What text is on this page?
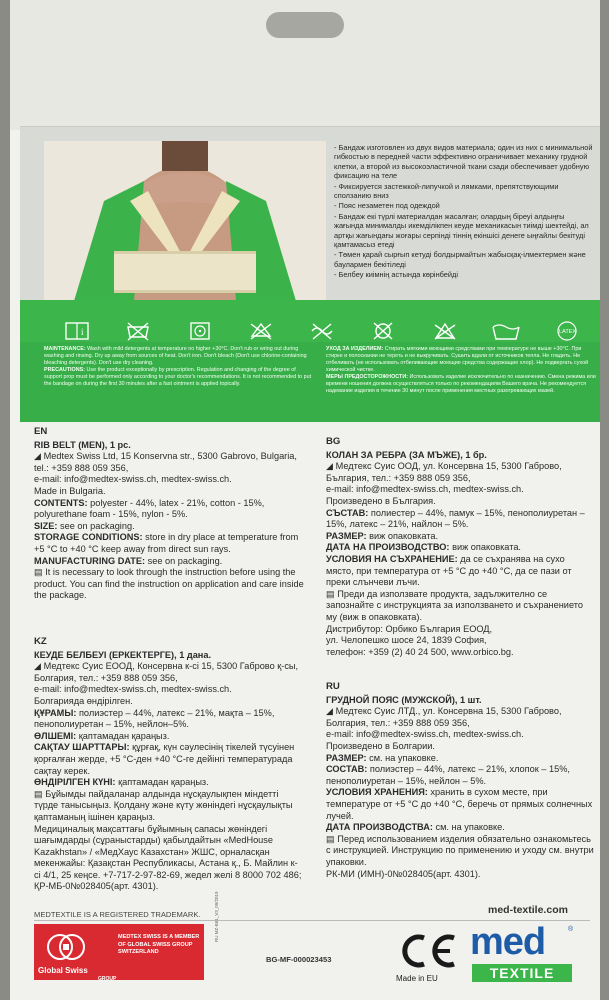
- Бандаж изготовлен из двух видов материала; один из них с минимальной гибкостью в передней части эффективно ограничивает механику грудной клетки, а второй из высокоэластичной ткани сзади обеспечивает удобную фиксацию на теле

- Фиксируется застежкой-липучкой и лямками, препятствующими сползанию вниз

- Пояс незаметен под одеждой

- Бандаж екі түрлі материалдан жасалған; олардың біреуі алдыңғы жағында минималды икемділікпен кеуде механикасын тиімді шектейді, ал артқы жағындағы жоғары серпінді тіннің екіншісі денеге ыңғайлы бекітуді қамтамасыз етеді

- Төмен қарай сырғып кетуді болдырмайтын жабысқақ-ілмектермен және баулармен бекітіледі

- Белбеу киімнің астында көрінбейді

i	LATEX

MAINTENANCE: Wash with mild detergents at temperature no higher +30°C. Don't rub or wring out during washing and rinsing. Dry up away from sources of heat. Don't iron. Don't bleach (Don't use chlorine-containing bleaching detergents). Don't use dry cleaning.

PRECAUTIONS: Use the product exceptionally by prescription. Regulation and changing of the degree of support prop must be performed only according to your doctor's recommendations. It is not recommended to put the bandage on during the first 30 minutes after a fast ointment is applied topically.

УХОД ЗА ИЗДЕЛИЕМ: Стирать мягкими моющими средствами при температуре не выше +30°C. При стирке и полоскании не тереть и не выкручивать. Сушить вдали от источников тепла. Не гладить. Не отбеливать (не использовать отбеливающие моющие средства содержащие хлор). Не подвергать сухой химической чистке.

МЕРЫ ПРЕДОСТОРОЖНОСТИ: Использовать изделие исключительно по назначению. Смена режима или времени ношения должна осуществляться только по рекомендациям Вашего врача. Не рекомендуется надевание изделия в течение 30 минут после применения местных разогревающих мазей.

EN

RIB BELT (MEN), 1 pc.

◢ Medtex Swiss Ltd, 15 Konservna str., 5300 Gabrovo, Bulgaria, tel.: +359 888 059 356,

e-mail: info@medtex-swiss.ch, medtex-swiss.ch.

Made in Bulgaria.

CONTENTS: polyester - 44%, latex - 21%, cotton - 15%, polyurethane foam - 15%, nylon - 5%.

SIZE: see on packaging.

STORAGE CONDITIONS: store in dry place at temperature from +5 °C to +40 °C keep away from direct sun rays.

MANUFACTURING DATE: see on packaging.

▤ It is necessary to look through the instruction before using the product. You can find the instruction on application and care inside the package.

KZ

КЕУДЕ БЕЛБЕУІ (ЕРКЕКТЕРГЕ), 1 дана.

◢ Медтекс Суис ЕООД, Консервна к-сі 15, 5300 Габрово қ-сы, Болгария, тел.: +359 888 059 356,

e-mail: info@medtex-swiss.ch, medtex-swiss.ch.

Болгарияда өндірілген.

ҚҰРАМЫ: полиэстер – 44%, латекс – 21%, мақта – 15%, пенополиуретан – 15%, нейлон–5%.

ӨЛШЕМІ: қаптамадан қараңыз.

САҚТАУ ШАРТТАРЫ: құрғақ, күн сәулесінің тікелей түсуінен қорғалған жерде, +5 °C-ден +40 °C-ге дейінгі температурада сақтау керек.

ӨНДІРІЛГЕН КҮНІ: қаптамадан қараңыз.

▤ Бұйымды пайдаланар алдында нұсқаулықпен міндетті түрде танысыңыз. Қолдану және күту жөніндегі нұсқаулықты қаптаманың ішінен қараңыз.

Медициналық мақсаттағы бұйымның сапасы жөніндегі шағымдарды (сұраныстарды) қабылдайтын «MedHouse Kazakhstan» / «МедХаус Казахстан» ЖШС, орналасқан мекенжайы: Қазақстан Республикасы, Астана қ., Б. Майлин к-сі 4/1, 25 кеңсе. +7-717-2-97-82-69, жедел желі 8 8000 702 486; ҚР-МБ-0№028405(арт. 4301).

BG

КОЛАН ЗА РЕБРА (ЗА МЪЖЕ), 1 бр.

◢ Медтекс Суис ООД, ул. Консервна 15, 5300 Габрово, България, тел.: +359 888 059 356,

e-mail: info@medtex-swiss.ch, medtex-swiss.ch.

Произведено в България.

СЪСТАВ: полиестер – 44%, памук – 15%, пенополиуретан – 15%, латекс – 21%, найлон – 5%.

РАЗМЕР: виж опаковката.

ДАТА НА ПРОИЗВОДСТВО: виж опаковката.

УСЛОВИЯ НА СЪХРАНЕНИЕ: да се съхранява на сухо място, при температура от +5 °C до +40 °C, да се пази от преки слънчеви лъчи.

▤ Преди да използвате продукта, задължително се запознайте с инструкцията за използването и съхранението му (виж в опаковката).

Дистрибутор: Орбико България ЕООД,

ул. Челопешко шосе 24, 1839 София,

телефон: +359 (2) 40 24 500, www.orbico.bg.

RU

ГРУДНОЙ ПОЯС (МУЖСКОЙ), 1 шт.

◢ Медтекс Суис ЛТД., ул. Консервна 15, 5300 Габрово, Болгария, тел.: +359 888 059 356,

e-mail: info@medtex-swiss.ch, medtex-swiss.ch.

Произведено в Болгарии.

РАЗМЕР: см. на упаковке.

СОСТАВ: полиэстер – 44%, латекс – 21%, хлопок – 15%, пенополиуретан – 15%, нейлон – 5%.

УСЛОВИЯ ХРАНЕНИЯ: хранить в сухом месте, при температуре от +5 °C до +40 °C, беречь от прямых солнечных лучей.

ДАТА ПРОИЗВОДСТВА: см. на упаковке.

▤ Перед использованием изделия обязательно ознакомьтесь с инструкцией. Инструкцию по применению и уходу см. внутри упаковки.

РК-МИ (ИМН)-0№028405(арт. 4301).

MEDTEXTILE IS A REGISTERED TRADEMARK.	med-textile.com
Global Swiss
GROUP
MEDTEX SWISS IS A MEMBER OF GLOBAL SWISS GROUP SWITZERLAND
RU MZ-B61_V3_09/2019
BG-MF-000023453
Made in EU
med	®
TEXTILE
